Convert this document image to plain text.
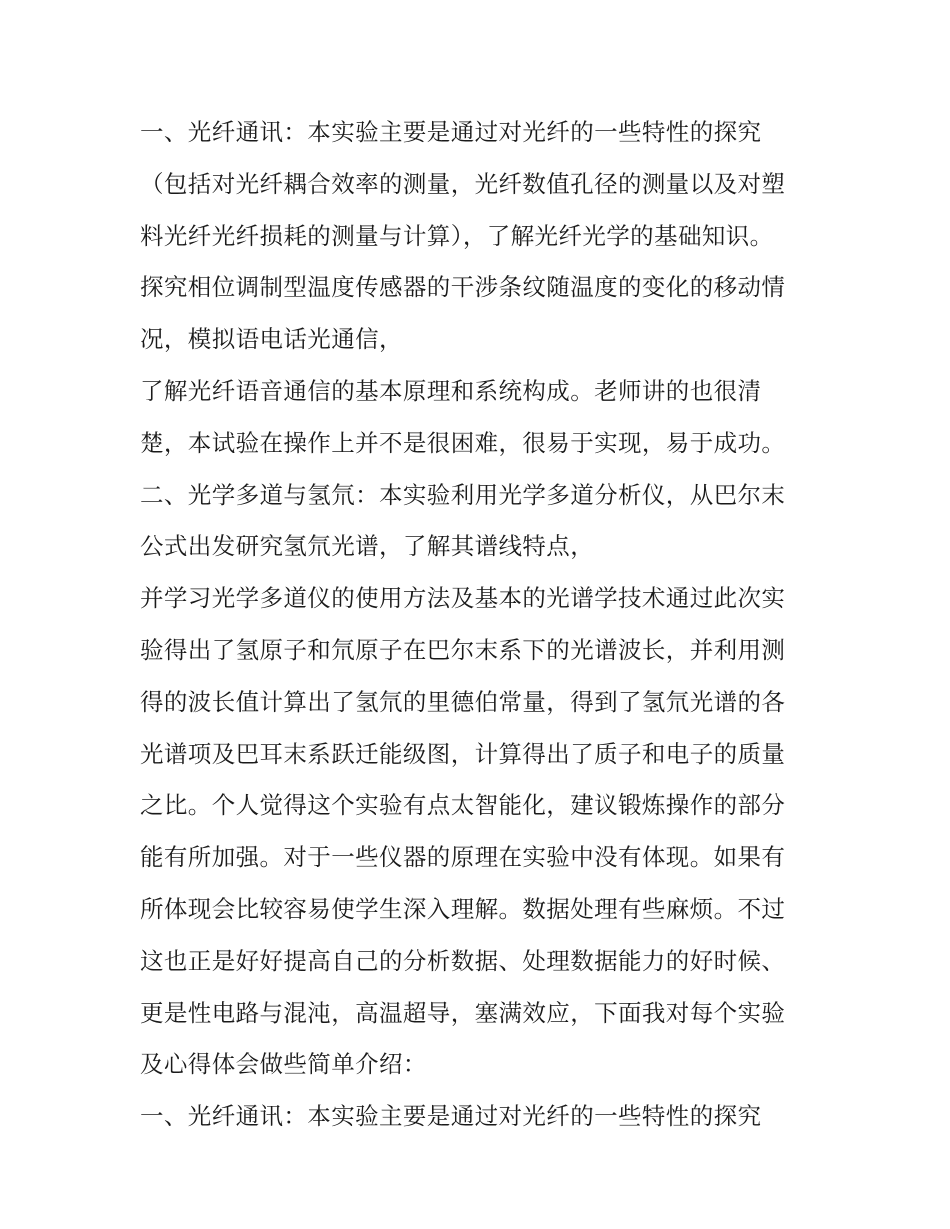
一、光纤通讯：本实验主要是通过对光纤的一些特性的探究
（包括对光纤耦合效率的测量，光纤数值孔径的测量以及对塑
料光纤光纤损耗的测量与计算），了解光纤光学的基础知识。
探究相位调制型温度传感器的干涉条纹随温度的变化的移动情
况，模拟语电话光通信，
了解光纤语音通信的基本原理和系统构成。老师讲的也很清
楚，本试验在操作上并不是很困难，很易于实现，易于成功。
二、光学多道与氢氘：本实验利用光学多道分析仪，从巴尔末
公式出发研究氢氘光谱，了解其谱线特点，
并学习光学多道仪的使用方法及基本的光谱学技术通过此次实
验得出了氢原子和氘原子在巴尔末系下的光谱波长，并利用测
得的波长值计算出了氢氘的里德伯常量，得到了氢氘光谱的各
光谱项及巴耳末系跃迁能级图，计算得出了质子和电子的质量
之比。个人觉得这个实验有点太智能化，建议锻炼操作的部分
能有所加强。对于一些仪器的原理在实验中没有体现。如果有
所体现会比较容易使学生深入理解。数据处理有些麻烦。不过
这也正是好好提高自己的分析数据、处理数据能力的好时候、
更是性电路与混沌，高温超导，塞满效应，下面我对每个实验
及心得体会做些简单介绍：
一、光纤通讯：本实验主要是通过对光纤的一些特性的探究
